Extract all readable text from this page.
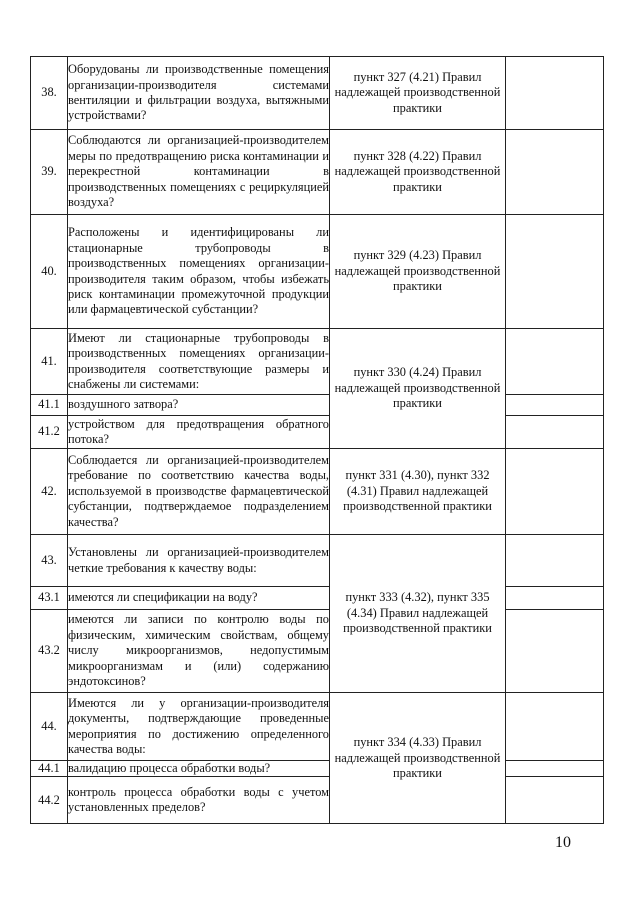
38.	Оборудованы ли производственные помещения организации-производителя системами вентиляции и фильтрации воздуха, вытяжными устройствами?	пункт 327 (4.21) Правил надлежащей производственной практики	
39.	Соблюдаются ли организацией-производителем меры по предотвращению риска контаминации и перекрестной контаминации в производственных помещениях с рециркуляцией воздуха?	пункт 328 (4.22) Правил надлежащей производственной практики	
40.	Расположены и идентифицированы ли стационарные трубопроводы в производственных помещениях организации-производителя таким образом, чтобы избежать риск контаминации промежуточной продукции или фармацевтической субстанции?	пункт 329 (4.23) Правил надлежащей производственной практики	
41.	Имеют ли стационарные трубопроводы в производственных помещениях организации-производителя соответствующие размеры и снабжены ли системами:	пункт 330 (4.24) Правил надлежащей производственной практики	
41.1	воздушного затвора?		
41.2	устройством для предотвращения обратного потока?		
42.	Соблюдается ли организацией-производителем требование по соответствию качества воды, используемой в производстве фармацевтической субстанции, подтверждаемое подразделением качества?	пункт 331 (4.30), пункт 332 (4.31) Правил надлежащей производственной практики	
43.	Установлены ли организацией-производителем четкие требования к качеству воды:	пункт 333 (4.32), пункт 335 (4.34) Правил надлежащей производственной практики	
43.1	имеются ли спецификации на воду?		
43.2	имеются ли записи по контролю воды по физическим, химическим свойствам, общему числу микроорганизмов, недопустимым микроорганизмам и (или) содержанию эндотоксинов?		
44.	Имеются ли у организации-производителя документы, подтверждающие проведенные мероприятия по достижению определенного качества воды:	пункт 334 (4.33) Правил надлежащей производственной практики	
44.1	валидацию процесса обработки воды?		
44.2	контроль процесса обработки воды с учетом установленных пределов?		
10
